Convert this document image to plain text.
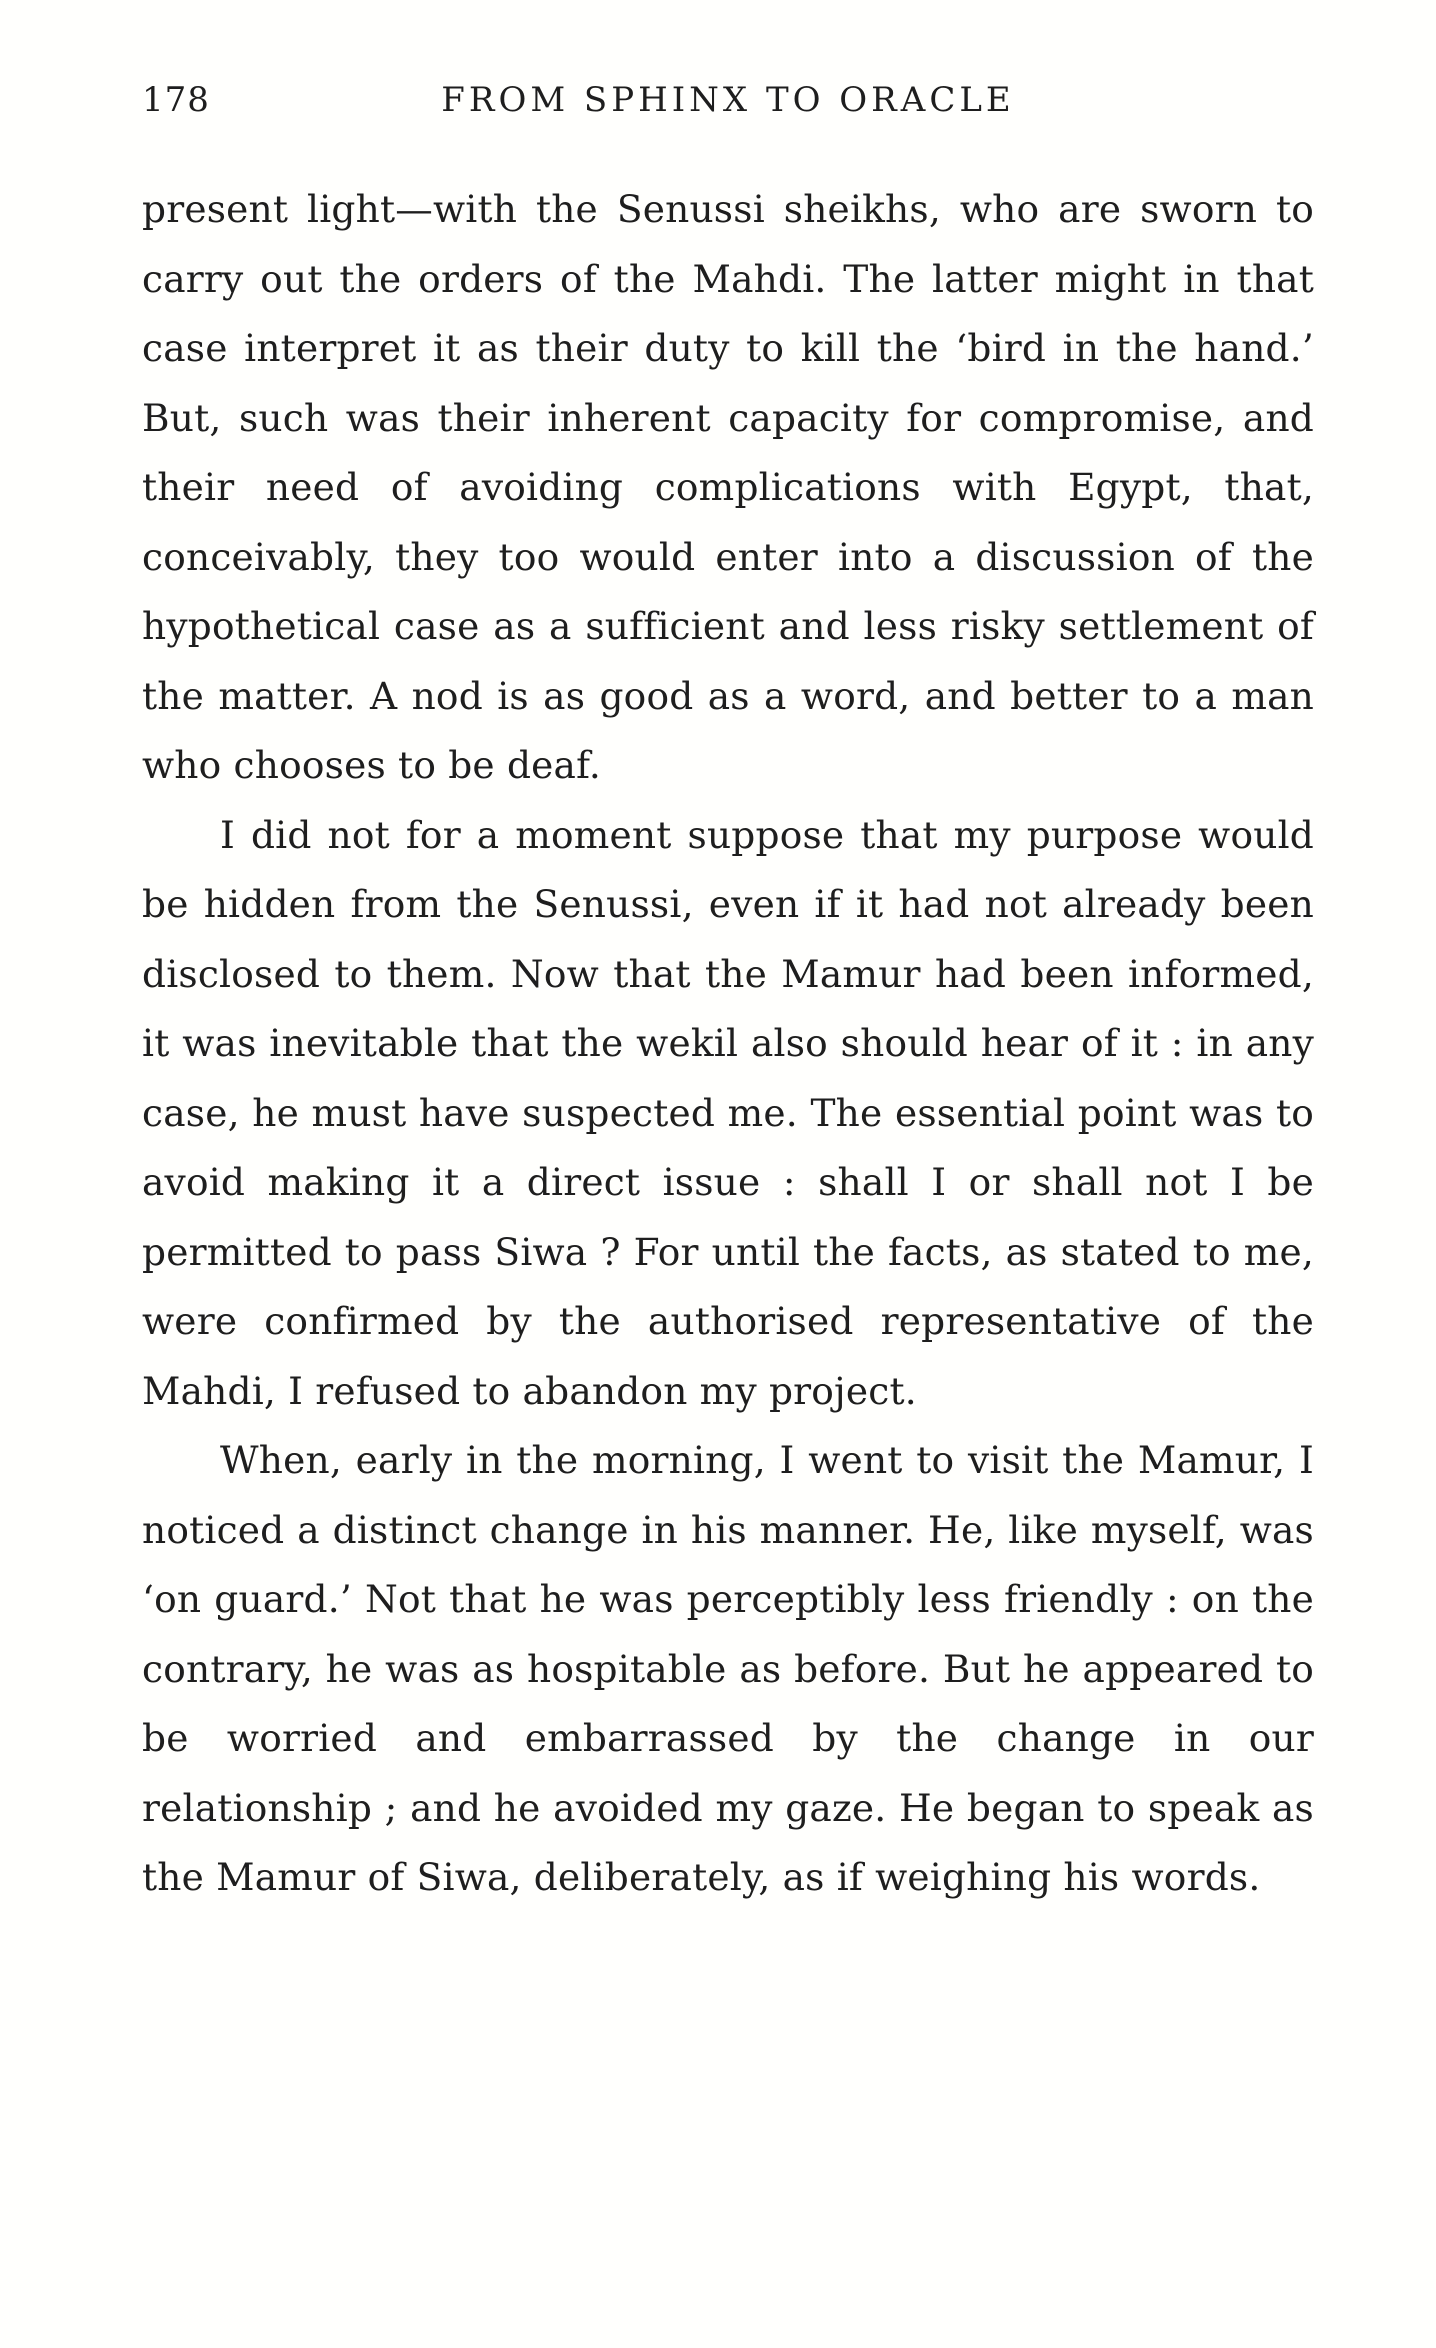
178	FROM SPHINX TO ORACLE

present light—with the Senussi sheikhs, who are sworn to carry out the orders of the Mahdi. The latter might in that case interpret it as their duty to kill the ‘bird in the hand.’ But, such was their inherent capacity for compromise, and their need of avoiding complications with Egypt, that, conceivably, they too would enter into a discussion of the hypothetical case as a sufficient and less risky settlement of the matter. A nod is as good as a word, and better to a man who chooses to be deaf.

I did not for a moment suppose that my purpose would be hidden from the Senussi, even if it had not already been disclosed to them. Now that the Mamur had been informed, it was inevitable that the wekil also should hear of it : in any case, he must have suspected me. The essential point was to avoid making it a direct issue : shall I or shall not I be permitted to pass Siwa ? For until the facts, as stated to me, were confirmed by the authorised representative of the Mahdi, I refused to abandon my project.

When, early in the morning, I went to visit the Mamur, I noticed a distinct change in his manner. He, like myself, was ‘on guard.’ Not that he was perceptibly less friendly : on the contrary, he was as hospitable as before. But he appeared to be worried and embarrassed by the change in our relationship ; and he avoided my gaze. He began to speak as the Mamur of Siwa, deliberately, as if weighing his words.
